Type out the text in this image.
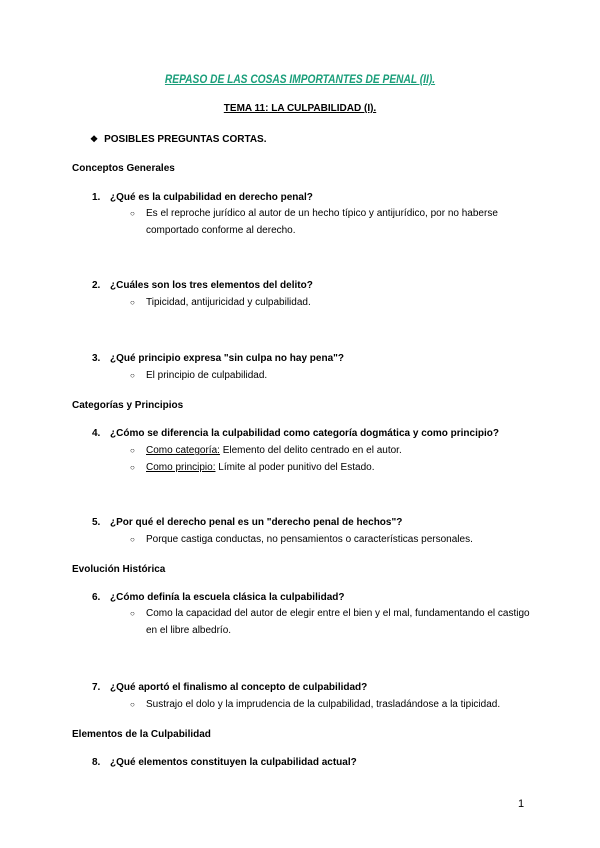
REPASO DE LAS COSAS IMPORTANTES DE PENAL (II).
TEMA 11: LA CULPABILIDAD (I).
❖ POSIBLES PREGUNTAS CORTAS.
Conceptos Generales
1. ¿Qué es la culpabilidad en derecho penal?
○	Es el reproche jurídico al autor de un hecho típico y antijurídico, por no haberse comportado conforme al derecho.
2. ¿Cuáles son los tres elementos del delito?
○	Tipicidad, antijuricidad y culpabilidad.
3. ¿Qué principio expresa "sin culpa no hay pena"?
○	El principio de culpabilidad.
Categorías y Principios
4. ¿Cómo se diferencia la culpabilidad como categoría dogmática y como principio?
○	Como categoría: Elemento del delito centrado en el autor.
○	Como principio: Límite al poder punitivo del Estado.
5. ¿Por qué el derecho penal es un "derecho penal de hechos"?
○	Porque castiga conductas, no pensamientos o características personales.
Evolución Histórica
6. ¿Cómo definía la escuela clásica la culpabilidad?
○	Como la capacidad del autor de elegir entre el bien y el mal, fundamentando el castigo en el libre albedrío.
7. ¿Qué aportó el finalismo al concepto de culpabilidad?
○	Sustrajo el dolo y la imprudencia de la culpabilidad, trasladándose a la tipicidad.
Elementos de la Culpabilidad
8. ¿Qué elementos constituyen la culpabilidad actual?
1
